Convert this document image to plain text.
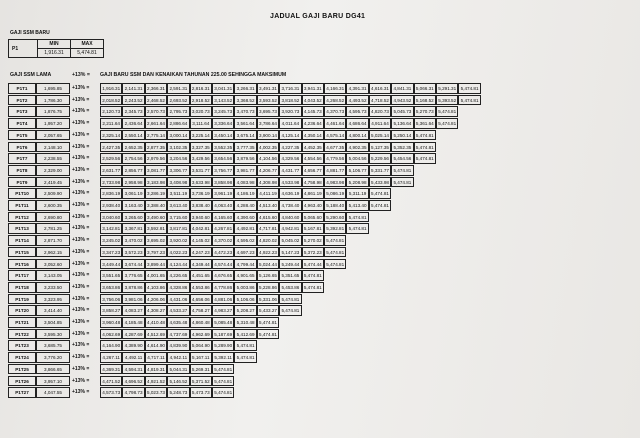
JADUAL GAJI BARU DG41
GAJI SSM BARU
P1	MIN	MAX
	1,916.31	5,474.81
GAJI SSM LAMA	+13% = GAJI BARU SSM DAN KENAIKAN TAHUNAN 225.00 SEHINGGA MAKSIMUM
P1T1	1,695.85	+13% =	1,916.31 2,141.31 2,366.31 2,591.31 2,816.31 3,041.31 3,266.31 3,491.31 3,716.31 3,941.31 4,166.31 4,391.31 4,616.31 4,841.31 5,066.31 5,291.31 5,474.81
P1T2	1,786.30	+13% =	2,018.52 2,243.52 2,468.52 2,693.52 2,918.52 3,143.52 3,368.52 3,593.52 3,818.52 4,043.52 4,268.52 4,493.52 4,718.52 4,943.52 5,168.52 5,393.52 5,474.81
P1T3	1,876.75	+13% =	2,120.73 2,345.73 2,570.73 2,795.73 3,020.73 3,245.73 3,470.73 3,695.73 3,920.73 4,145.73 4,370.73 4,595.73 4,820.73 5,045.73 5,270.73 5,474.81
P1T4	1,957.20	+13% =	2,211.64	2,436.64 2,661.64 2,886.64	3,111.64	3,336.64 3,561.64 3,786.64	4,011.64	4,236.64 4,461.64 4,686.64	4,911.64	5,136.64 5,361.64 5,474.81
P1T5	2,057.65	+13% =	2,325.14 2,550.14 2,775.14 3,000.14 3,225.14 3,450.14 3,675.14 3,900.14 4,125.14 4,350.14 4,575.14 4,800.14 5,025.14 5,250.14 5,474.81
P1T6	2,148.10	+13% =	2,427.35 2,652.35 2,877.35 3,102.35 3,327.35 3,552.35 3,777.35 4,002.35 4,227.35 4,452.35 4,677.35 4,902.35 5,127.35 5,352.35 5,474.81
P1T7	2,238.55	+13% =	2,529.56 2,754.56 2,979.56 3,204.56 3,429.56 3,654.56 3,879.56 4,104.56 4,329.56 4,554.56 4,779.56 5,004.56 5,229.56 5,454.56 5,474.81
P1T8	2,329.00	+13% =	2,631.77 2,856.77 3,081.77 3,306.77 3,531.77 3,756.77 3,981.77 4,206.77 4,431.77 4,656.77 4,881.77 5,106.77 5,331.77 5,474.81
P1T9	2,419.45	+13% =	2,733.98 2,958.98 3,183.98 3,408.98 3,633.98 3,858.98 4,083.98 4,308.98 4,533.98 4,758.98 4,983.98 5,208.98 5,433.98 5,474.81
P1T10	2,509.90	+13% =	2,836.19 3,061.19 3,286.19	3,511.19	3,736.19 3,961.19 4,186.19	4,411.19	4,636.19 4,861.19 5,086.19	5,311.19	5,474.81
P1T11	2,600.35	+13% =	2,938.40 3,163.40 3,388.40 3,613.40 3,838.40 4,063.40 4,288.40 4,513.40 4,738.40 4,963.40 5,188.40 5,413.40 5,474.81
P1T12	2,690.80	+13% =	3,040.60 3,265.60 3,490.60 3,715.60 3,940.60 4,165.60 4,390.60 4,615.60 4,840.60 5,065.60 5,290.60 5,474.81
P1T13	2,781.25	+13% =	3,142.81 3,367.81 3,592.81 3,817.81 4,042.81 4,267.81 4,492.81 4,717.81 4,942.81 5,167.81 5,392.81 5,474.81
P1T14	2,871.70	+13% =	3,245.02 3,470.02 3,695.02 3,920.02 4,145.02 4,370.02 4,595.02 4,820.02 5,045.02 5,270.02 5,474.81
P1T15	2,962.15	+13% =	3,347.23 3,572.23 3,797.23 4,022.23 4,247.23 4,472.23 4,697.23 4,922.23 5,147.23 5,372.23 5,474.81
P1T16	3,052.60	+13% =	3,449.44 3,674.44 3,899.44 4,124.44 4,349.44 4,574.44 4,799.44 5,024.44 5,249.44 5,474.44 5,474.81
P1T17	3,143.05	+13% =	3,551.65 3,776.65 4,001.65 4,226.65 4,451.65 4,676.65 4,901.65 5,126.65 5,351.65 5,474.81
P1T18	3,233.50	+13% =	3,653.86 3,878.86 4,103.86 4,328.86 4,553.86 4,778.86 5,003.86 5,228.86 5,453.86 5,474.81
P1T19	3,323.95	+13% =	3,756.06 3,981.06 4,206.06 4,431.06 4,656.06 4,881.06 5,106.06 5,331.06 5,474.81
P1T20	3,414.40	+13% =	3,858.27 4,083.27 4,308.27 4,533.27 4,758.27 4,983.27 5,208.27 5,433.27 5,474.81
P1T21	3,504.85	+13% =	3,960.48 4,185.48 4,410.48 4,635.48 4,860.48 5,085.48 5,310.48 5,474.81
P1T22	3,595.30	+13% =	4,062.69 4,287.69 4,512.69 4,737.69 4,962.69 5,187.69 5,412.69 5,474.81
P1T23	3,685.75	+13% =	4,164.90 4,389.90 4,614.90 4,839.90 5,064.90 5,289.90 5,474.81
P1T24	3,776.20	+13% =	4,267.11	4,492.11	4,717.11	4,942.11	5,167.11	5,392.11	5,474.81
P1T25	3,866.65	+13% =	4,369.31 4,594.31 4,819.31 5,044.31 5,269.31 5,474.81
P1T26	3,957.10	+13% =	4,471.52 4,696.52 4,921.52 5,146.52 5,371.52 5,474.81
P1T27	4,047.55	+13% =	4,573.73 4,798.73 5,023.73 5,248.73 5,473.73 5,474.81
